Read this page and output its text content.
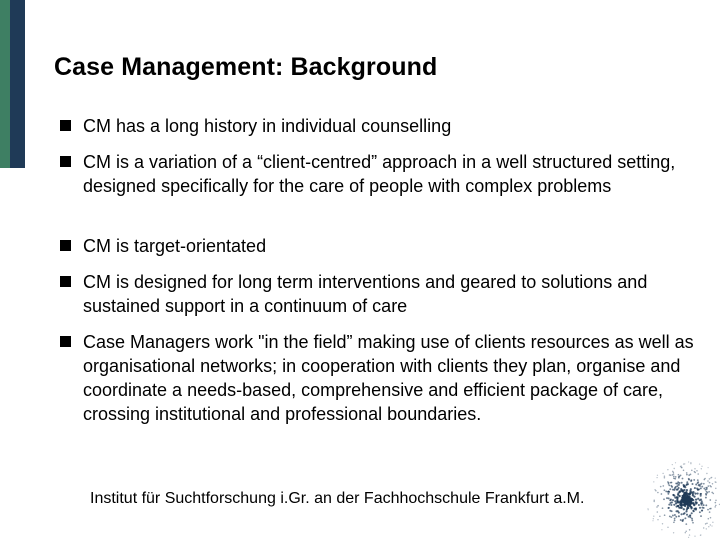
Case Management: Background
CM has a long history in individual counselling
CM is a variation of a “client-centred” approach in a well structured setting, designed specifically for the care of people with complex problems
CM is target-orientated
CM is designed for long term interventions and geared to solutions and sustained support in a continuum of care
Case Managers work "in the field” making use of clients resources as well as organisational networks; in cooperation with clients they plan, organise and coordinate a needs-based, comprehensive and efficient package of care, crossing institutional and professional boundaries.
Institut für Suchtforschung i.Gr. an der Fachhochschule Frankfurt a.M.
